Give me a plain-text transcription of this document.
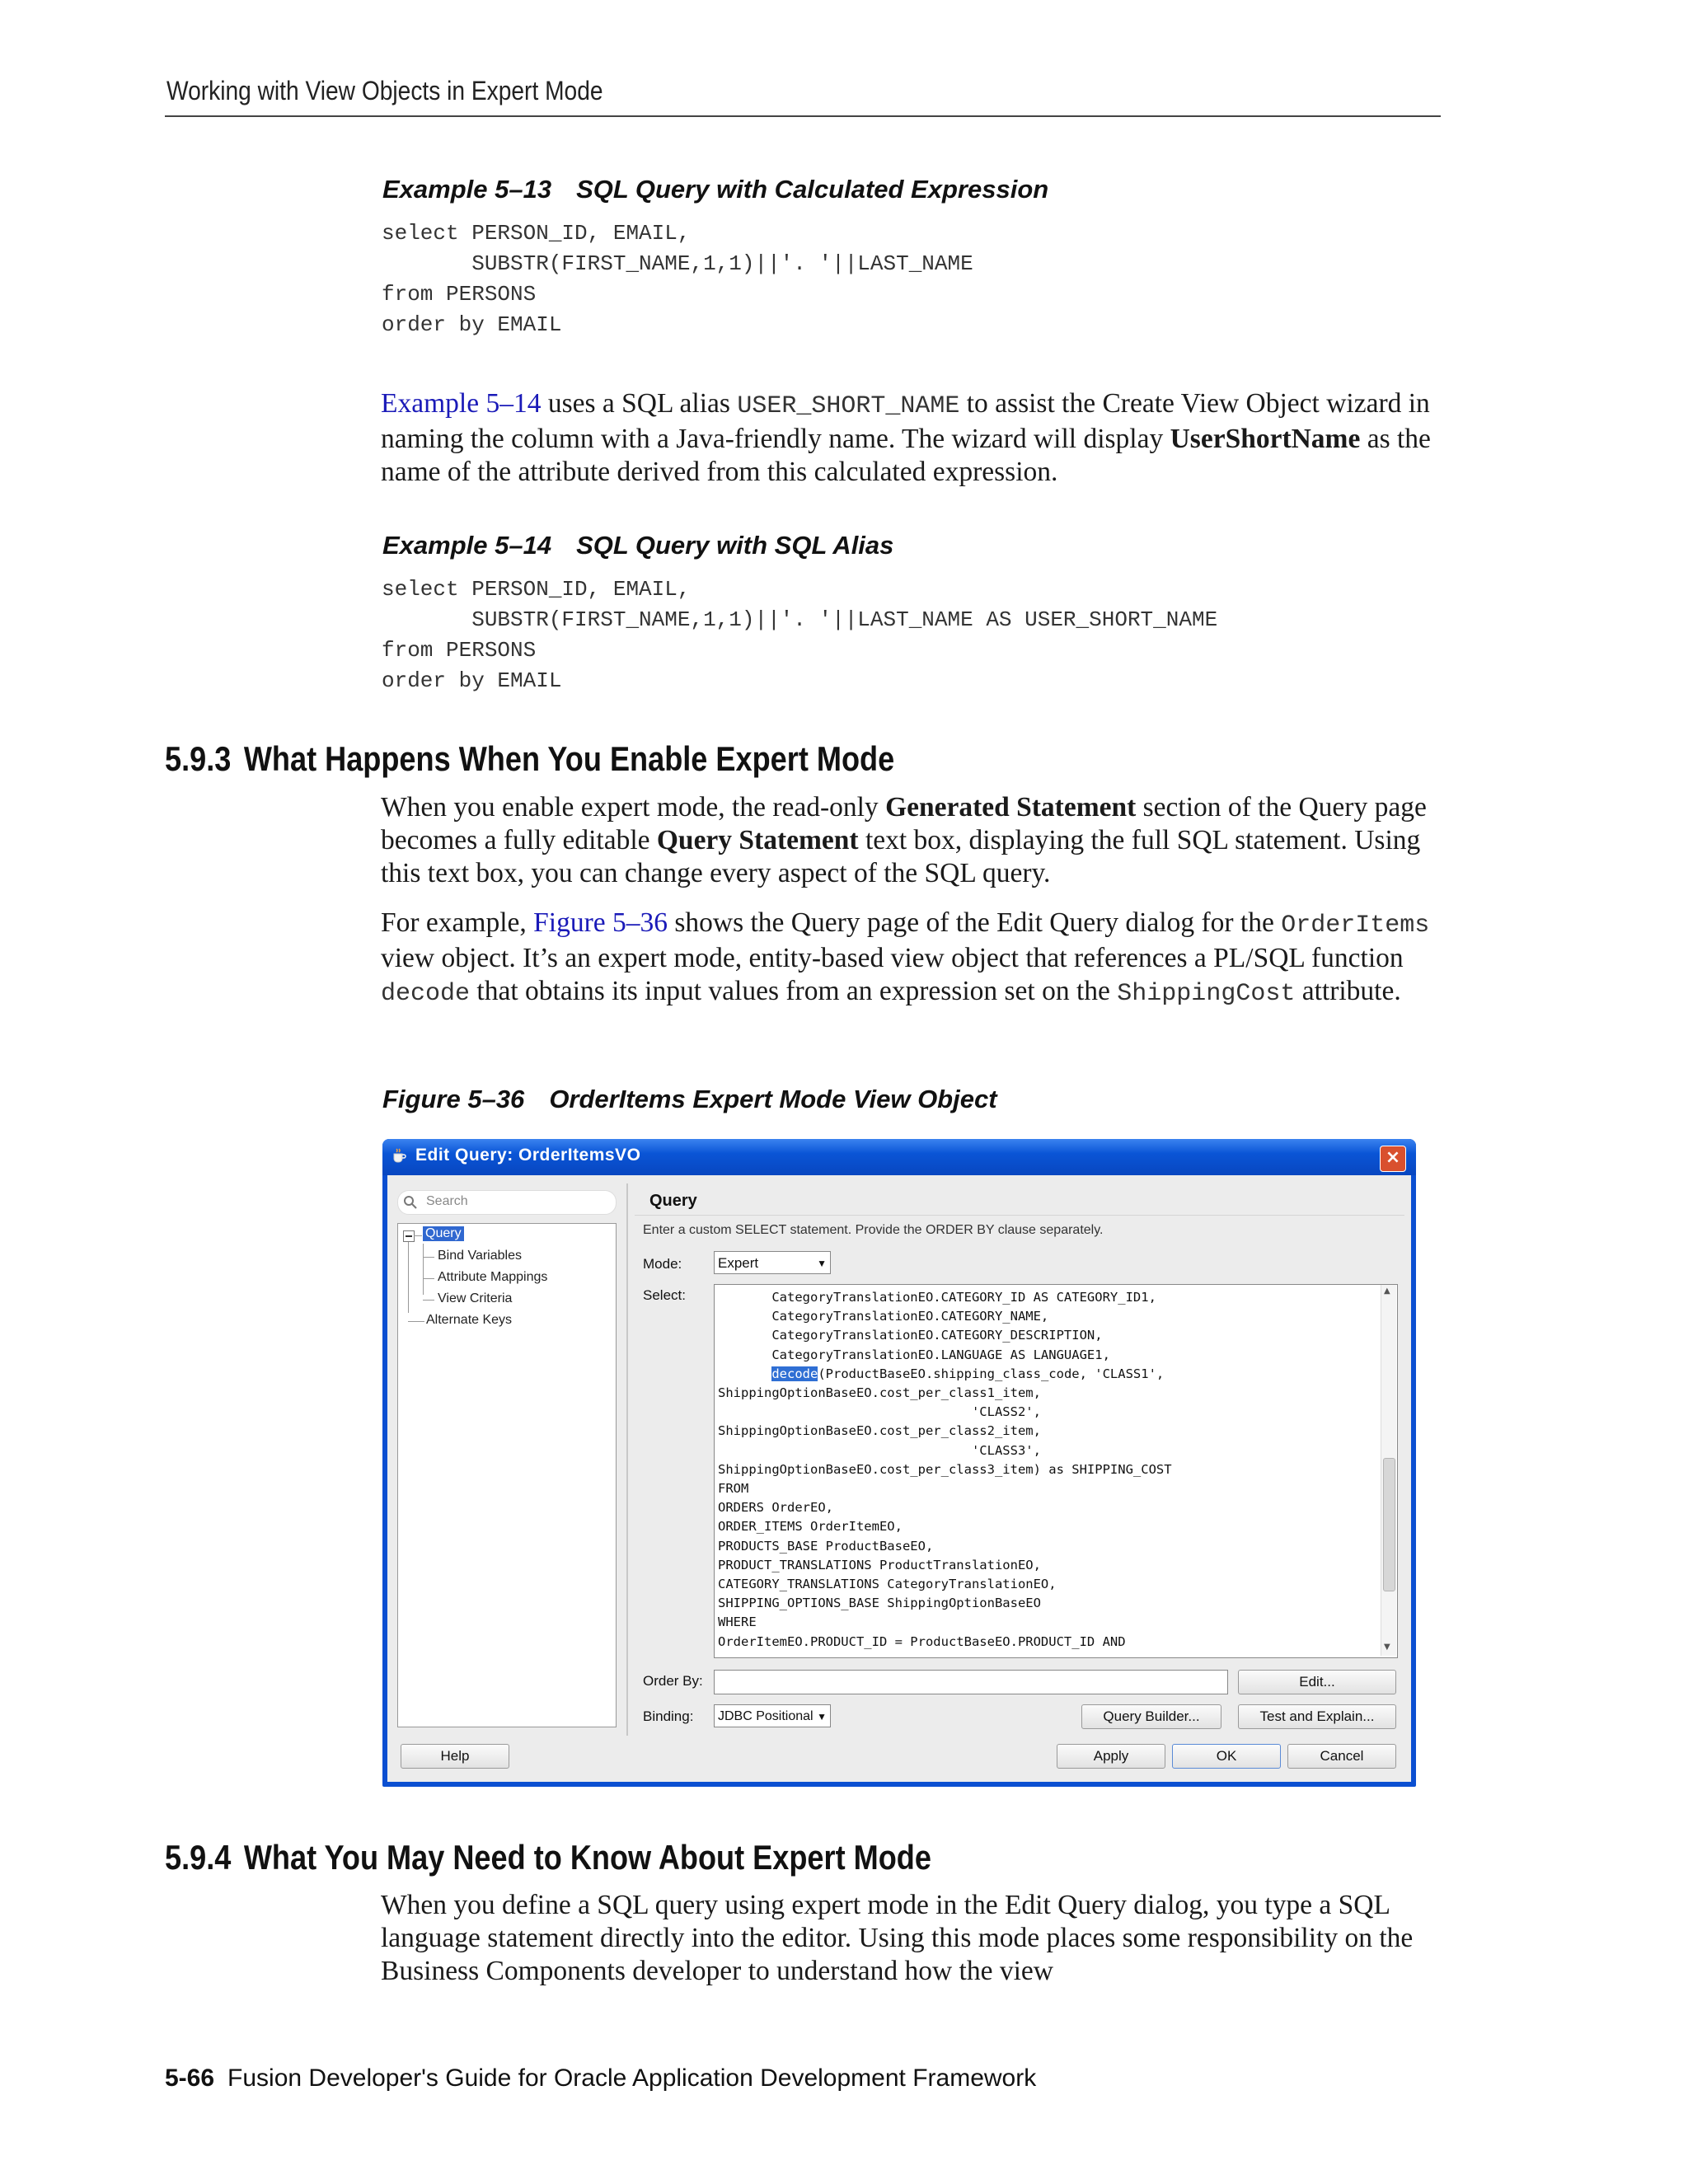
Working with View Objects in Expert Mode
Example 5–13 SQL Query with Calculated Expression
select PERSON_ID, EMAIL,
SUBSTR(FIRST_NAME,1,1)||'. '||LAST_NAME
from PERSONS
order by EMAIL
Example 5–14 uses a SQL alias USER_SHORT_NAME to assist the Create View Object wizard in naming the column with a Java-friendly name. The wizard will display UserShortName as the name of the attribute derived from this calculated expression.
Example 5–14 SQL Query with SQL Alias
select PERSON_ID, EMAIL,
SUBSTR(FIRST_NAME,1,1)||'. '||LAST_NAME AS USER_SHORT_NAME
from PERSONS
order by EMAIL
5.9.3 What Happens When You Enable Expert Mode

When you enable expert mode, the read-only Generated Statement section of the Query page becomes a fully editable Query Statement text box, displaying the full SQL statement. Using this text box, you can change every aspect of the SQL query.

For example, Figure 5–36 shows the Query page of the Edit Query dialog for the OrderItems view object. It’s an expert mode, entity-based view object that references a PL/SQL function decode that obtains its input values from an expression set on the ShippingCost attribute.

Figure 5–36 OrderItems Expert Mode View Object
Edit Query: OrderItemsVO	×
Search
Query
Bind Variables
Attribute Mappings
View Criteria
Alternate Keys
Query
Enter a custom SELECT statement. Provide the ORDER BY clause separately.
Mode:	Expert	▼
Select:	CategoryTranslationEO.CATEGORY_ID AS CATEGORY_ID1,
CategoryTranslationEO.CATEGORY_NAME,
CategoryTranslationEO.CATEGORY_DESCRIPTION,
CategoryTranslationEO.LANGUAGE AS LANGUAGE1,
decode(ProductBaseEO.shipping_class_code, 'CLASS1',
ShippingOptionBaseEO.cost_per_class1_item,
'CLASS2',
ShippingOptionBaseEO.cost_per_class2_item,
'CLASS3',
ShippingOptionBaseEO.cost_per_class3_item) as SHIPPING_COST
FROM
ORDERS OrderEO,
ORDER_ITEMS OrderItemEO,
PRODUCTS_BASE ProductBaseEO,
PRODUCT_TRANSLATIONS ProductTranslationEO,
CATEGORY_TRANSLATIONS CategoryTranslationEO,
SHIPPING_OPTIONS_BASE ShippingOptionBaseEO
WHERE
OrderItemEO.PRODUCT_ID = ProductBaseEO.PRODUCT_ID AND
▲
▼
Order By:	Edit...
Binding:	JDBC Positional ▼	Query Builder...	Test and Explain...
Help	Apply	OK	Cancel
5.9.4 What You May Need to Know About Expert Mode

When you define a SQL query using expert mode in the Edit Query dialog, you type a SQL language statement directly into the editor. Using this mode places some responsibility on the Business Components developer to understand how the view

5-66 Fusion Developer's Guide for Oracle Application Development Framework
